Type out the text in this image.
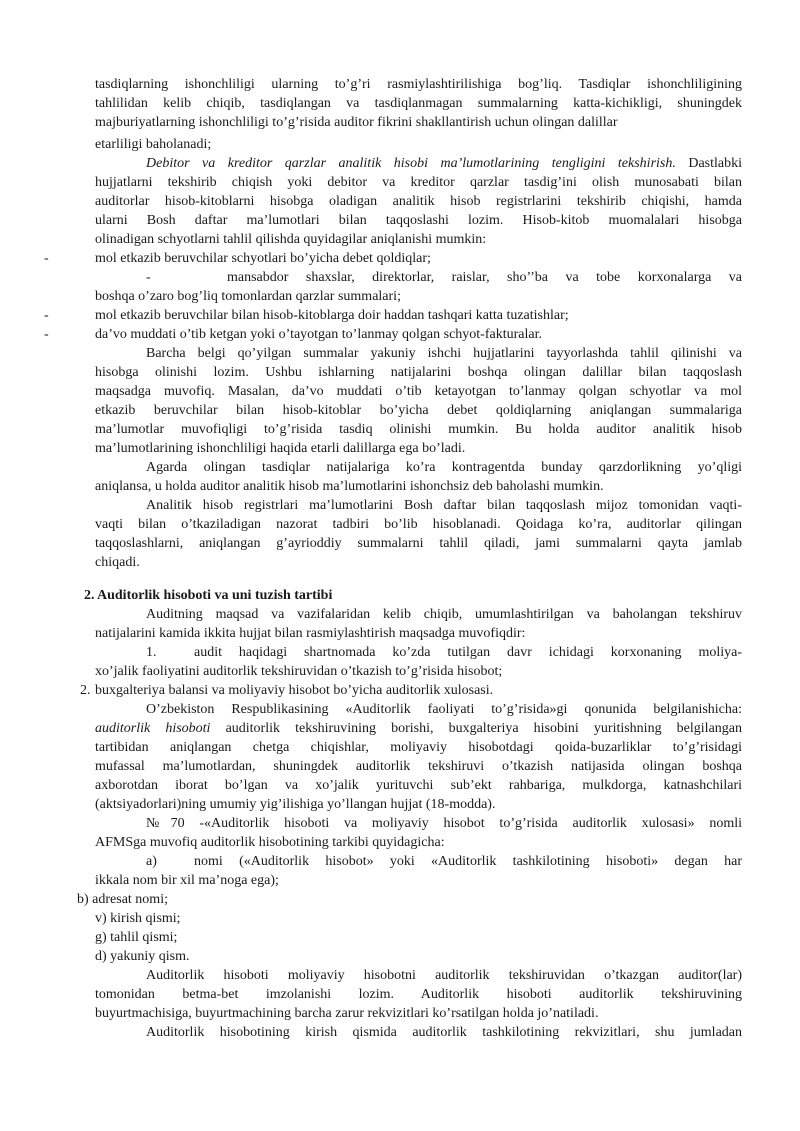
tasdiqlarning ishonchliligi ularning to’g’ri rasmiylashtirilishiga bog’liq. Tasdiqlar ishonchliligining
tahlilidan kelib chiqib, tasdiqlangan va tasdiqlanmagan summalarning katta-kichikligi, shuningdek
majburiyatlarning ishonchliligi to’g’risida auditor fikrini shakllantirish uchun olingan dalillar
etarliligi baholanadi;
Debitor va kreditor qarzlar analitik hisobi ma’lumotlarining tengligini tekshirish. Dastlabki
hujjatlarni tekshirib chiqish yoki debitor va kreditor qarzlar tasdig’ini olish munosabati bilan
auditorlar hisob-kitoblarni hisobga oladigan analitik hisob registrlarini tekshirib chiqishi, hamda
ularni Bosh daftar ma’lumotlari bilan taqqoslashi lozim. Hisob-kitob muomalalari hisobga
olinadigan schyotlarni tahlil qilishda quyidagilar aniqlanishi mumkin:
-	mol etkazib beruvchilar schyotlari bo’yicha debet qoldiqlar;
-	mansabdor shaxslar, direktorlar, raislar, sho’’ba va tobe korxonalarga va
boshqa o’zaro bog’liq tomonlardan qarzlar summalari;
-	mol etkazib beruvchilar bilan hisob-kitoblarga doir haddan tashqari katta tuzatishlar;
-	da’vo muddati o’tib ketgan yoki o’tayotgan to’lanmay qolgan schyot-fakturalar.
Barcha belgi qo’yilgan summalar yakuniy ishchi hujjatlarini tayyorlashda tahlil qilinishi va
hisobga olinishi lozim. Ushbu ishlarning natijalarini boshqa olingan dalillar bilan taqqoslash
maqsadga muvofiq. Masalan, da’vo muddati o’tib ketayotgan to’lanmay qolgan schyotlar va mol
etkazib beruvchilar bilan hisob-kitoblar bo’yicha debet qoldiqlarning aniqlangan summalariga
ma’lumotlar muvofiqligi to’g’risida tasdiq olinishi mumkin. Bu holda auditor analitik hisob
ma’lumotlarining ishonchliligi haqida etarli dalillarga ega bo’ladi.
Agarda olingan tasdiqlar natijalariga ko’ra kontragentda bunday qarzdorlikning yo’qligi
aniqlansa, u holda auditor analitik hisob ma’lumotlarini ishonchsiz deb baholashi mumkin.
Analitik hisob registrlari ma’lumotlarini Bosh daftar bilan taqqoslash mijoz tomonidan vaqti-
vaqti bilan o’tkaziladigan nazorat tadbiri bo’lib hisoblanadi. Qoidaga ko’ra, auditorlar qilingan
taqqoslashlarni, aniqlangan g’ayrioddiy summalarni tahlil qiladi, jami summalarni qayta jamlab
chiqadi.
2. Auditorlik hisoboti va uni tuzish tartibi
Auditning maqsad va vazifalaridan kelib chiqib, umumlashtirilgan va baholangan tekshiruv
natijalarini kamida ikkita hujjat bilan rasmiylashtirish maqsadga muvofiqdir:
1.	audit haqidagi shartnomada ko’zda tutilgan davr ichidagi korxonaning moliya-
xo’jalik faoliyatini auditorlik tekshiruvidan o’tkazish to’g’risida hisobot;
2. buxgalteriya balansi va moliyaviy hisobot bo’yicha auditorlik xulosasi.
O’zbekiston Respublikasining «Auditorlik faoliyati to’g’risida»gi qonunida belgilanishicha:
auditorlik hisoboti auditorlik tekshiruvining borishi, buxgalteriya hisobini yuritishning belgilangan
tartibidan aniqlangan chetga chiqishlar, moliyaviy hisobotdagi qoida-buzarliklar to’g’risidagi
mufassal ma’lumotlardan, shuningdek auditorlik tekshiruvi o’tkazish natijasida olingan boshqa
axborotdan iborat bo’lgan va xo’jalik yurituvchi sub’ekt rahbariga, mulkdorga, katnashchilari
(aktsiyadorlari)ning umumiy yig’ilishiga yo’llangan hujjat (18-modda).
№70 -«Auditorlik hisoboti va moliyaviy hisobot to’g’risida auditorlik xulosasi» nomli
AFMSga muvofiq auditorlik hisobotining tarkibi quyidagicha:
a)	nomi («Auditorlik hisobot» yoki «Auditorlik tashkilotining hisoboti» degan har
ikkala nom bir xil ma’noga ega);
b) adresat nomi;
v) kirish qismi;
g) tahlil qismi;
d) yakuniy qism.
Auditorlik hisoboti moliyaviy hisobotni auditorlik tekshiruvidan o’tkazgan auditor(lar)
tomonidan betma-bet imzolanishi lozim. Auditorlik hisoboti auditorlik tekshiruvining
buyurtmachisiga, buyurtmachining barcha zarur rekvizitlari ko’rsatilgan holda jo’natiladi.
Auditorlik hisobotining kirish qismida auditorlik tashkilotining rekvizitlari, shu jumladan
